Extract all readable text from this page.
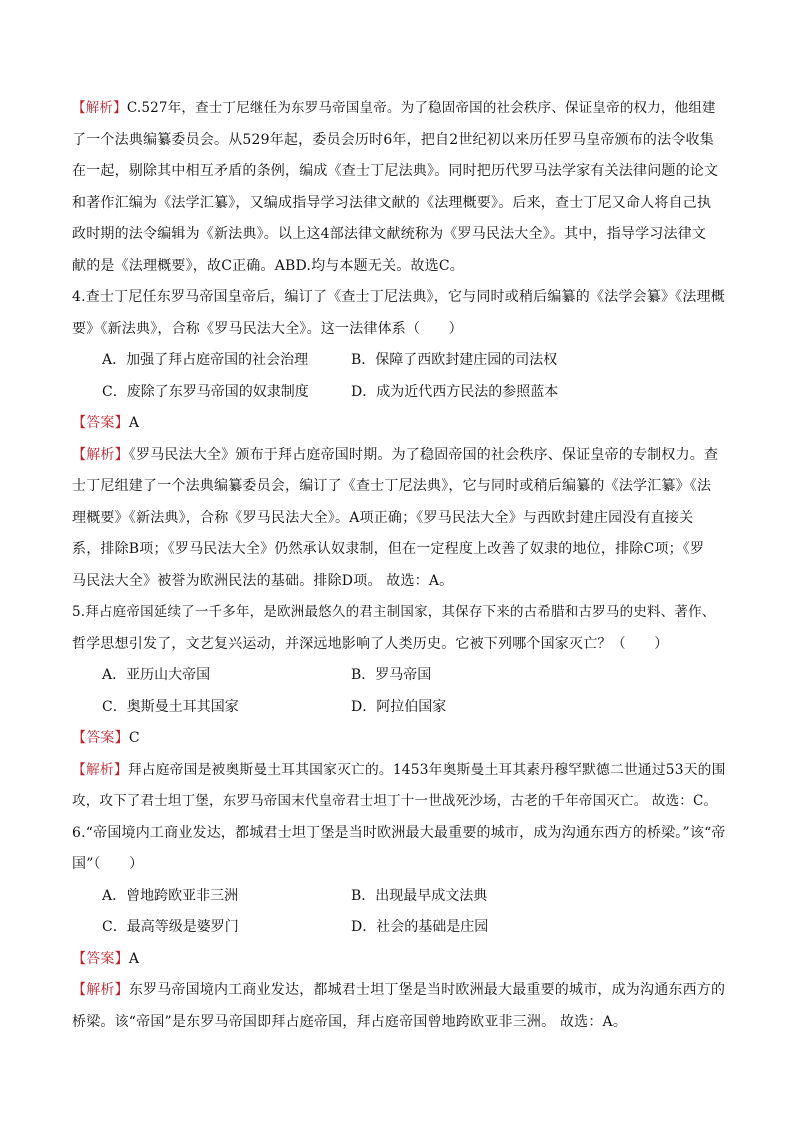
【解析】C.527年，查士丁尼继任为东罗马帝国皇帝。为了稳固帝国的社会秩序、保证皇帝的权力，他组建
了一个法典编纂委员会。从529年起，委员会历时6年，把自2世纪初以来历任罗马皇帝颁布的法令收集
在一起，剔除其中相互矛盾的条例，编成《查士丁尼法典》。同时把历代罗马法学家有关法律问题的论文
和著作汇编为《法学汇纂》，又编成指导学习法律文献的《法理概要》。后来，查士丁尼又命人将自己执
政时期的法令编辑为《新法典》。以上这4部法律文献统称为《罗马民法大全》。其中，指导学习法律文
献的是《法理概要》，故C正确。ABD.均与本题无关。故选C。
4.查士丁尼任东罗马帝国皇帝后，编订了《查士丁尼法典》，它与同时或稍后编纂的《法学会纂》《法理概
要》《新法典》，合称《罗马民法大全》。这一法律体系（　　）
A．加强了拜占庭帝国的社会治理	B．保障了西欧封建庄园的司法权
C．废除了东罗马帝国的奴隶制度	D．成为近代西方民法的参照蓝本
【答案】A
【解析】《罗马民法大全》颁布于拜占庭帝国时期。为了稳固帝国的社会秩序、保证皇帝的专制权力。查
士丁尼组建了一个法典编纂委员会，编订了《查士丁尼法典》，它与同时或稍后编纂的《法学汇纂》《法
理概要》《新法典》，合称《罗马民法大全》。A项正确；《罗马民法大全》与西欧封建庄园没有直接关
系，排除B项；《罗马民法大全》仍然承认奴隶制，但在一定程度上改善了奴隶的地位，排除C项；《罗
马民法大全》被誉为欧洲民法的基础。排除D项。 故选：A。
5.拜占庭帝国延续了一千多年，是欧洲最悠久的君主制国家，其保存下来的古希腊和古罗马的史料、著作、
哲学思想引发了，文艺复兴运动，并深远地影响了人类历史。它被下列哪个国家灭亡？（　　）
A．亚历山大帝国	B．罗马帝国
C．奥斯曼土耳其国家	D．阿拉伯国家
【答案】C
【解析】拜占庭帝国是被奥斯曼土耳其国家灭亡的。1453年奥斯曼土耳其素丹穆罕默德二世通过53天的围
攻，攻下了君士坦丁堡，东罗马帝国末代皇帝君士坦丁十一世战死沙场，古老的千年帝国灭亡。 故选：C。
6.“帝国境内工商业发达，都城君士坦丁堡是当时欧洲最大最重要的城市，成为沟通东西方的桥梁。”该“帝
国”（　　）
A．曾地跨欧亚非三洲	B．出现最早成文法典
C．最高等级是婆罗门	D．社会的基础是庄园
【答案】A
【解析】东罗马帝国境内工商业发达，都城君士坦丁堡是当时欧洲最大最重要的城市，成为沟通东西方的
桥梁。该“帝国”是东罗马帝国即拜占庭帝国，拜占庭帝国曾地跨欧亚非三洲。 故选：A。
